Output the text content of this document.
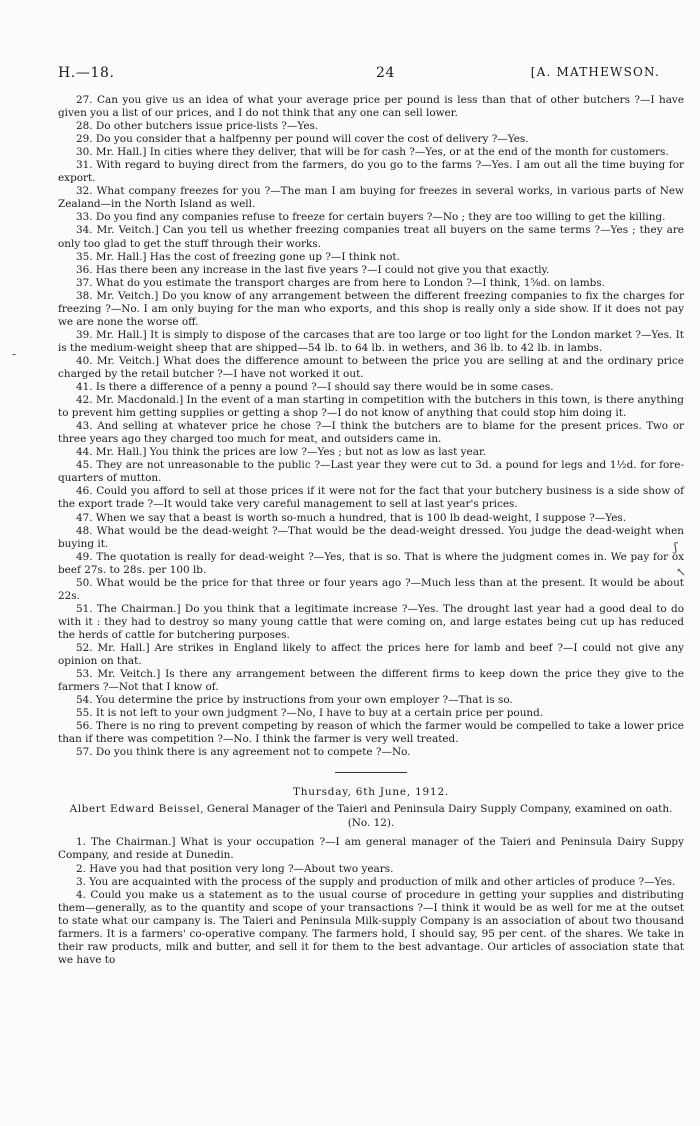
H.—18.	24	[A. MATHEWSON.

27. Can you give us an idea of what your average price per pound is less than that of other butchers ?—I have given you a list of our prices, and I do not think that any one can sell lower.

28. Do other butchers issue price-lists ?—Yes.

29. Do you consider that a halfpenny per pound will cover the cost of delivery ?—Yes.

30. Mr. Hall.] In cities where they deliver, that will be for cash ?—Yes, or at the end of the month for customers.

31. With regard to buying direct from the farmers, do you go to the farms ?—Yes. I am out all the time buying for export.

32. What company freezes for you ?—The man I am buying for freezes in several works, in various parts of New Zealand—in the North Island as well.

33. Do you find any companies refuse to freeze for certain buyers ?—No ; they are too willing to get the killing.

34. Mr. Veitch.] Can you tell us whether freezing companies treat all buyers on the same terms ?—Yes ; they are only too glad to get the stuff through their works.

35. Mr. Hall.] Has the cost of freezing gone up ?—I think not.

36. Has there been any increase in the last five years ?—I could not give you that exactly.

37. What do you estimate the transport charges are from here to London ?—I think, 1⅝d. on lambs.

38. Mr. Veitch.] Do you know of any arrangement between the different freezing companies to fix the charges for freezing ?—No. I am only buying for the man who exports, and this shop is really only a side show. If it does not pay we are none the worse off.

39. Mr. Hall.] It is simply to dispose of the carcases that are too large or too light for the London market ?—Yes. It is the medium-weight sheep that are shipped—54 lb. to 64 lb. in wethers, and 36 lb. to 42 lb. in lambs.

40. Mr. Veitch.] What does the difference amount to between the price you are selling at and the ordinary price charged by the retail butcher ?—I have not worked it out.

41. Is there a difference of a penny a pound ?—I should say there would be in some cases.

42. Mr. Macdonald.] In the event of a man starting in competition with the butchers in this town, is there anything to prevent him getting supplies or getting a shop ?—I do not know of anything that could stop him doing it.

43. And selling at whatever price he chose ?—I think the butchers are to blame for the present prices. Two or three years ago they charged too much for meat, and outsiders came in.

44. Mr. Hall.] You think the prices are low ?—Yes ; but not as low as last year.

45. They are not unreasonable to the public ?—Last year they were cut to 3d. a pound for legs and 1½d. for fore-quarters of mutton.

46. Could you afford to sell at those prices if it were not for the fact that your butchery business is a side show of the export trade ?—It would take very careful management to sell at last year's prices.

47. When we say that a beast is worth so-much a hundred, that is 100 lb dead-weight, I suppose ?—Yes.

48. What would be the dead-weight ?—That would be the dead-weight dressed. You judge the dead-weight when buying it.

49. The quotation is really for dead-weight ?—Yes, that is so. That is where the judgment comes in. We pay for ox beef 27s. to 28s. per 100 lb.

50. What would be the price for that three or four years ago ?—Much less than at the present. It would be about 22s.

51. The Chairman.] Do you think that a legitimate increase ?—Yes. The drought last year had a good deal to do with it : they had to destroy so many young cattle that were coming on, and large estates being cut up has reduced the herds of cattle for butchering purposes.

52. Mr. Hall.] Are strikes in England likely to affect the prices here for lamb and beef ?—I could not give any opinion on that.

53. Mr. Veitch.] Is there any arrangement between the different firms to keep down the price they give to the farmers ?—Not that I know of.

54. You determine the price by instructions from your own employer ?—That is so.

55. It is not left to your own judgment ?—No, I have to buy at a certain price per pound.

56. There is no ring to prevent competing by reason of which the farmer would be compelled to take a lower price than if there was competition ?—No. I think the farmer is very well treated.

57. Do you think there is any agreement not to compete ?—No.

Thursday, 6th June, 1912.

Albert Edward Beissel, General Manager of the Taieri and Peninsula Dairy Supply Company, examined on oath. (No. 12).

1. The Chairman.] What is your occupation ?—I am general manager of the Taieri and Peninsula Dairy Suppy Company, and reside at Dunedin.

2. Have you had that position very long ?—About two years.

3. You are acquainted with the process of the supply and production of milk and other articles of produce ?—Yes.

4. Could you make us a statement as to the usual course of procedure in getting your supplies and distributing them—generally, as to the quantity and scope of your transactions ?—I think it would be as well for me at the outset to state what our campany is. The Taieri and Peninsula Milk-supply Company is an association of about two thousand farmers. It is a farmers' co-operative company. The farmers hold, I should say, 95 per cent. of the shares. We take in their raw products, milk and butter, and sell it for them to the best advantage. Our articles of association state that we have to

-
ʃ
↖
